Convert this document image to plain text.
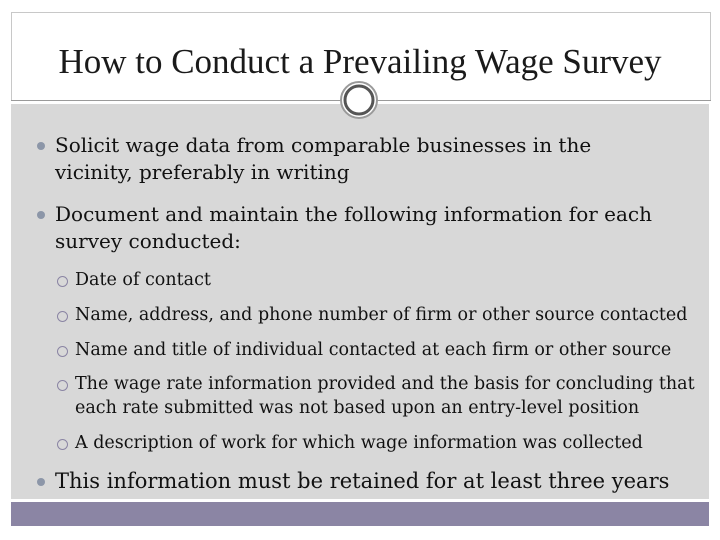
How to Conduct a Prevailing Wage Survey
Solicit wage data from comparable businesses in the vicinity, preferably in writing
Document and maintain the following information for each survey conducted:
Date of contact
Name, address, and phone number of firm or other source contacted
Name and title of individual contacted at each firm or other source
The wage rate information provided and the basis for concluding that each rate submitted was not based upon an entry-level position
A description of work for which wage information was collected
This information must be retained for at least three years
